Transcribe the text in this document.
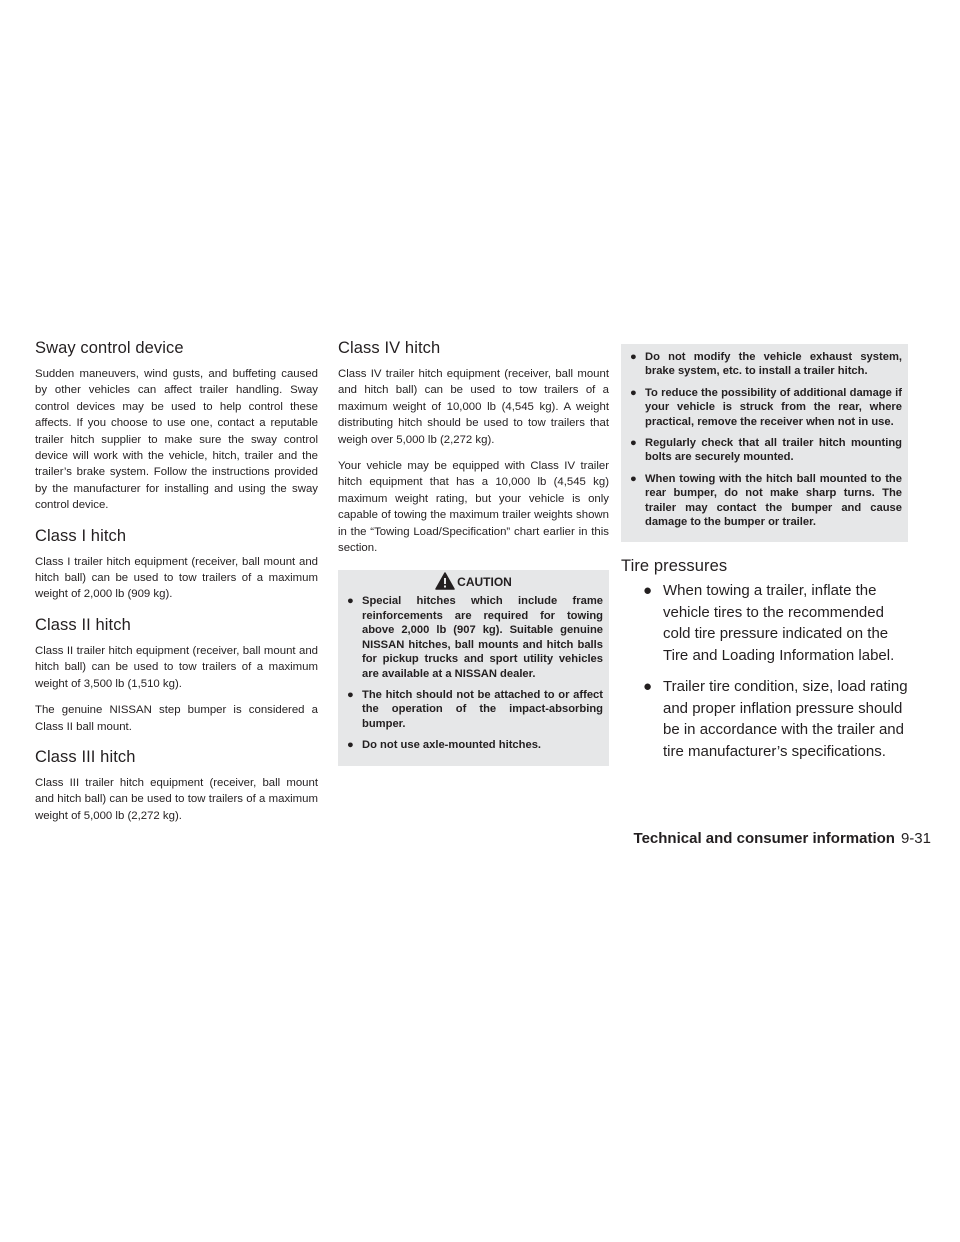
Sway control device

Sudden maneuvers, wind gusts, and buffeting caused by other vehicles can affect trailer handling. Sway control devices may be used to help control these affects. If you choose to use one, contact a reputable trailer hitch supplier to make sure the sway control device will work with the vehicle, hitch, trailer and the trailer’s brake system. Follow the instructions provided by the manufacturer for installing and using the sway control device.

Class I hitch

Class I trailer hitch equipment (receiver, ball mount and hitch ball) can be used to tow trailers of a maximum weight of 2,000 lb (909 kg).

Class II hitch

Class II trailer hitch equipment (receiver, ball mount and hitch ball) can be used to tow trailers of a maximum weight of 3,500 lb (1,510 kg).

The genuine NISSAN step bumper is considered a Class II ball mount.

Class III hitch

Class III trailer hitch equipment (receiver, ball mount and hitch ball) can be used to tow trailers of a maximum weight of 5,000 lb (2,272 kg).

Class IV hitch

Class IV trailer hitch equipment (receiver, ball mount and hitch ball) can be used to tow trailers of a maximum weight of 10,000 lb (4,545 kg). A weight distributing hitch should be used to tow trailers that weigh over 5,000 lb (2,272 kg).

Your vehicle may be equipped with Class IV trailer hitch equipment that has a 10,000 lb (4,545 kg) maximum weight rating, but your vehicle is only capable of towing the maximum trailer weights shown in the “Towing Load/Specification” chart earlier in this section.

CAUTION
● Special hitches which include frame reinforcements are required for towing above 2,000 lb (907 kg). Suitable genuine NISSAN hitches, ball mounts and hitch balls for pickup trucks and sport utility vehicles are available at a NISSAN dealer.
● The hitch should not be attached to or affect the operation of the impact-absorbing bumper.
● Do not use axle-mounted hitches.
● Do not modify the vehicle exhaust system, brake system, etc. to install a trailer hitch.
● To reduce the possibility of additional damage if your vehicle is struck from the rear, where practical, remove the receiver when not in use.
● Regularly check that all trailer hitch mounting bolts are securely mounted.
● When towing with the hitch ball mounted to the rear bumper, do not make sharp turns. The trailer may contact the bumper and cause damage to the bumper or trailer.
Tire pressures
● When towing a trailer, inflate the vehicle tires to the recommended cold tire pressure indicated on the Tire and Loading Information label.
● Trailer tire condition, size, load rating and proper inflation pressure should be in accordance with the trailer and tire manufacturer’s specifications.
Technical and consumer information 9-31
